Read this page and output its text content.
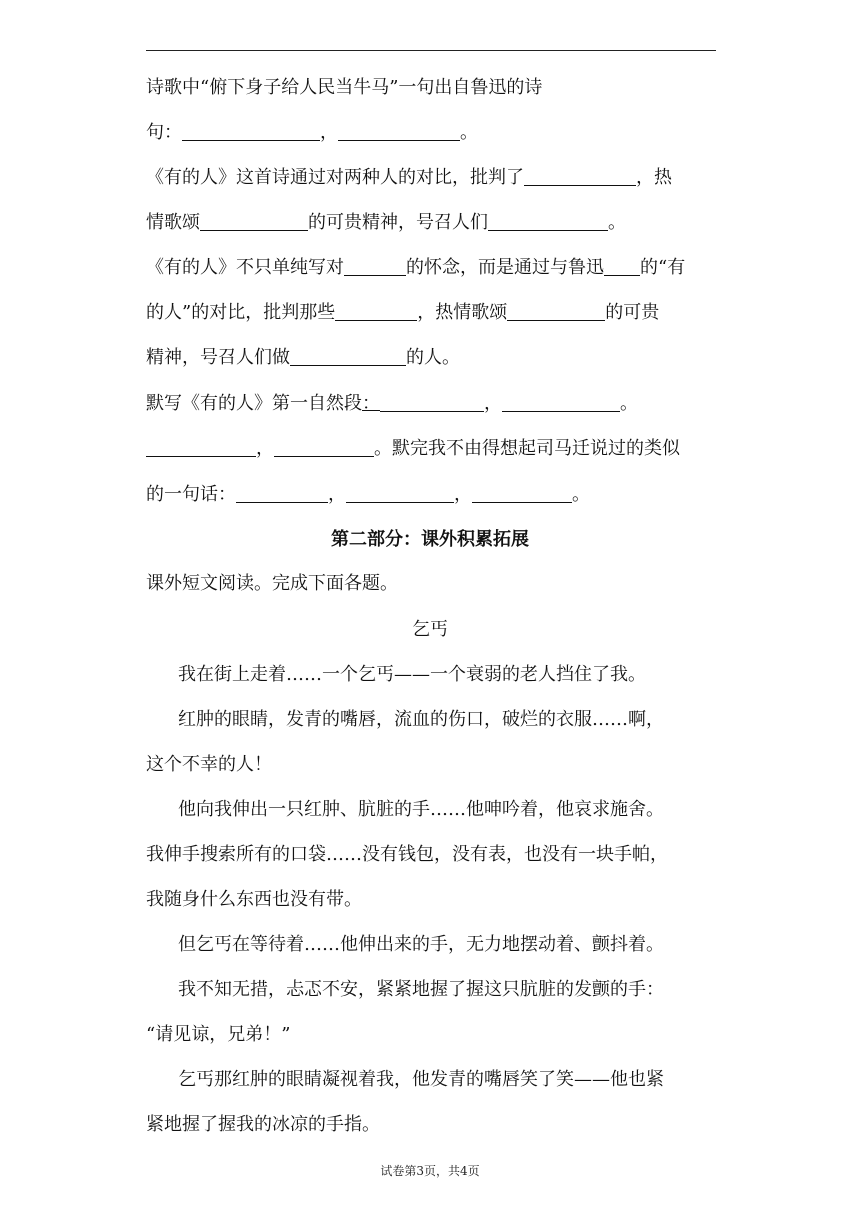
诗歌中“俯下身子给人民当牛马”一句出自鲁迅的诗
句：	，	。
《有的人》这首诗通过对两种人的对比，批判了	，热
情歌颂	的可贵精神，号召人们	。
《有的人》不只单纯写对	的怀念，而是通过与鲁迅 的“有
的人”的对比，批判那些	，热情歌颂	的可贵
精神，号召人们做	的人。
默写《有的人》第一自然段：	，	。
，	。默完我不由得想起司马迁说过的类似
的一句话：	，	，	。
第二部分：课外积累拓展
课外短文阅读。完成下面各题。
乞丐
我在街上走着……一个乞丐——一个衰弱的老人挡住了我。
红肿的眼睛，发青的嘴唇，流血的伤口，破烂的衣服……啊，
这个不幸的人！
他向我伸出一只红肿、肮脏的手……他呻吟着，他哀求施舍。
我伸手搜索所有的口袋……没有钱包，没有表，也没有一块手帕，
我随身什么东西也没有带。
但乞丐在等待着……他伸出来的手，无力地摆动着、颤抖着。
我不知无措，忐忑不安，紧紧地握了握这只肮脏的发颤的手：
“请见谅，兄弟！”
乞丐那红肿的眼睛凝视着我，他发青的嘴唇笑了笑——他也紧
紧地握了握我的冰凉的手指。
试卷第3页，共4页
